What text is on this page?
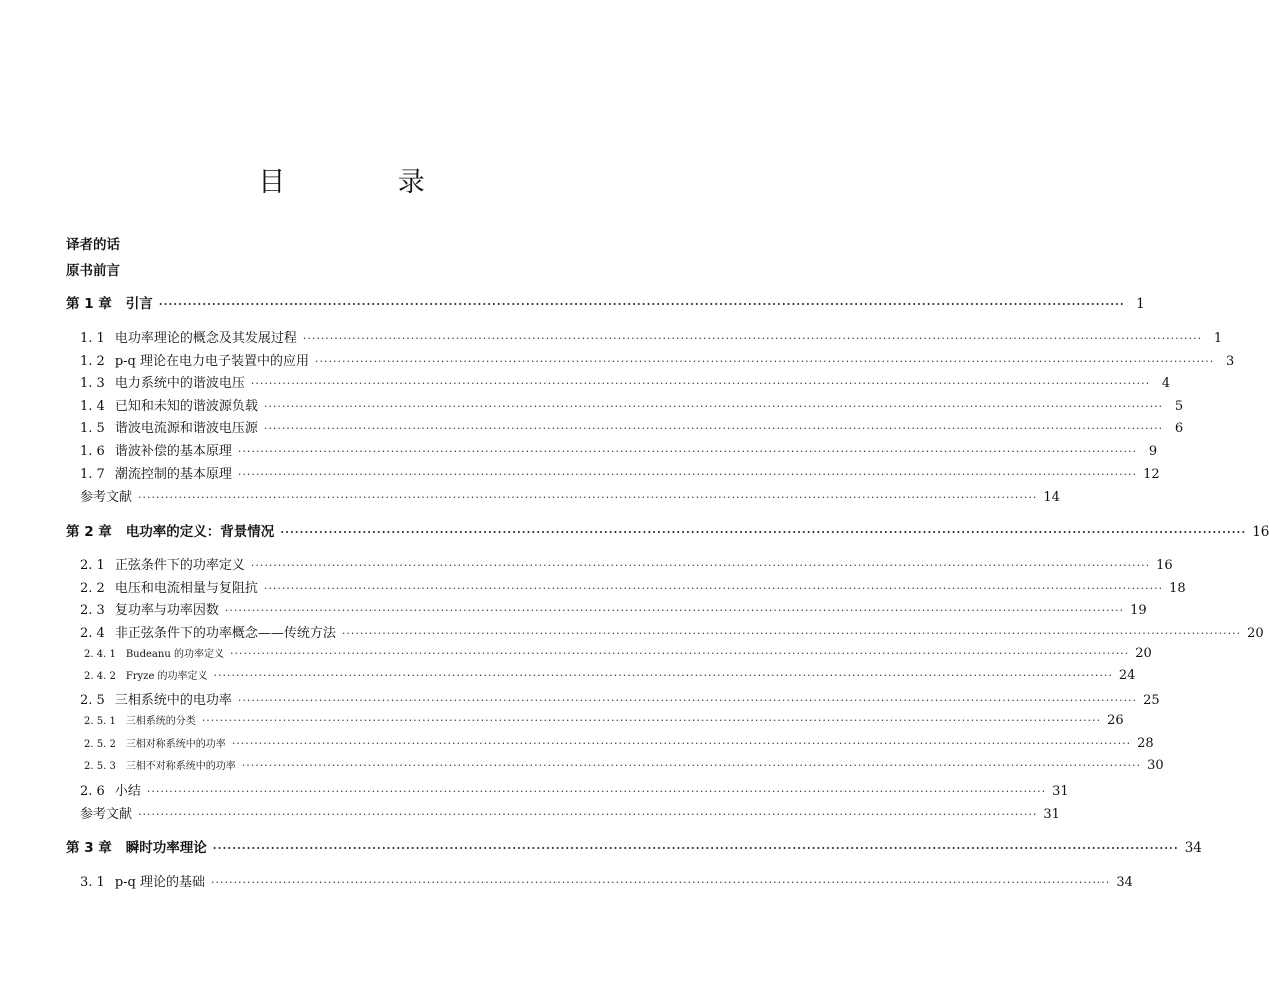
目 录
译者的话
原书前言
第 1 章	引言 ········································································································································································································ 1
1. 1 电功率理论的概念及其发展过程 ········································································································································································································ 1
1. 2 p-q 理论在电力电子装置中的应用 ········································································································································································································ 3
1. 3 电力系统中的谐波电压 ········································································································································································································ 4
1. 4 已知和未知的谐波源负载 ········································································································································································································ 5
1. 5 谐波电流源和谐波电压源 ········································································································································································································ 6
1. 6 谐波补偿的基本原理 ········································································································································································································ 9
1. 7 潮流控制的基本原理 ········································································································································································································ 12
参考文献 ········································································································································································································ 14
第 2 章	电功率的定义：背景情况 ········································································································································································································ 16
2. 1 正弦条件下的功率定义 ········································································································································································································ 16
2. 2 电压和电流相量与复阻抗 ········································································································································································································ 18
2. 3 复功率与功率因数 ········································································································································································································ 19
2. 4 非正弦条件下的功率概念——传统方法 ········································································································································································································ 20
2. 4. 1	Budeanu 的功率定义 ········································································································································································································ 20
2. 4. 2	Fryze 的功率定义 ········································································································································································································ 24
2. 5 三相系统中的电功率 ········································································································································································································ 25
2. 5. 1	三相系统的分类 ········································································································································································································ 26
2. 5. 2	三相对称系统中的功率 ········································································································································································································ 28
2. 5. 3	三相不对称系统中的功率 ········································································································································································································ 30
2. 6 小结 ········································································································································································································ 31
参考文献 ········································································································································································································ 31
第 3 章	瞬时功率理论 ········································································································································································································ 34
3. 1 p-q 理论的基础 ········································································································································································································ 34
